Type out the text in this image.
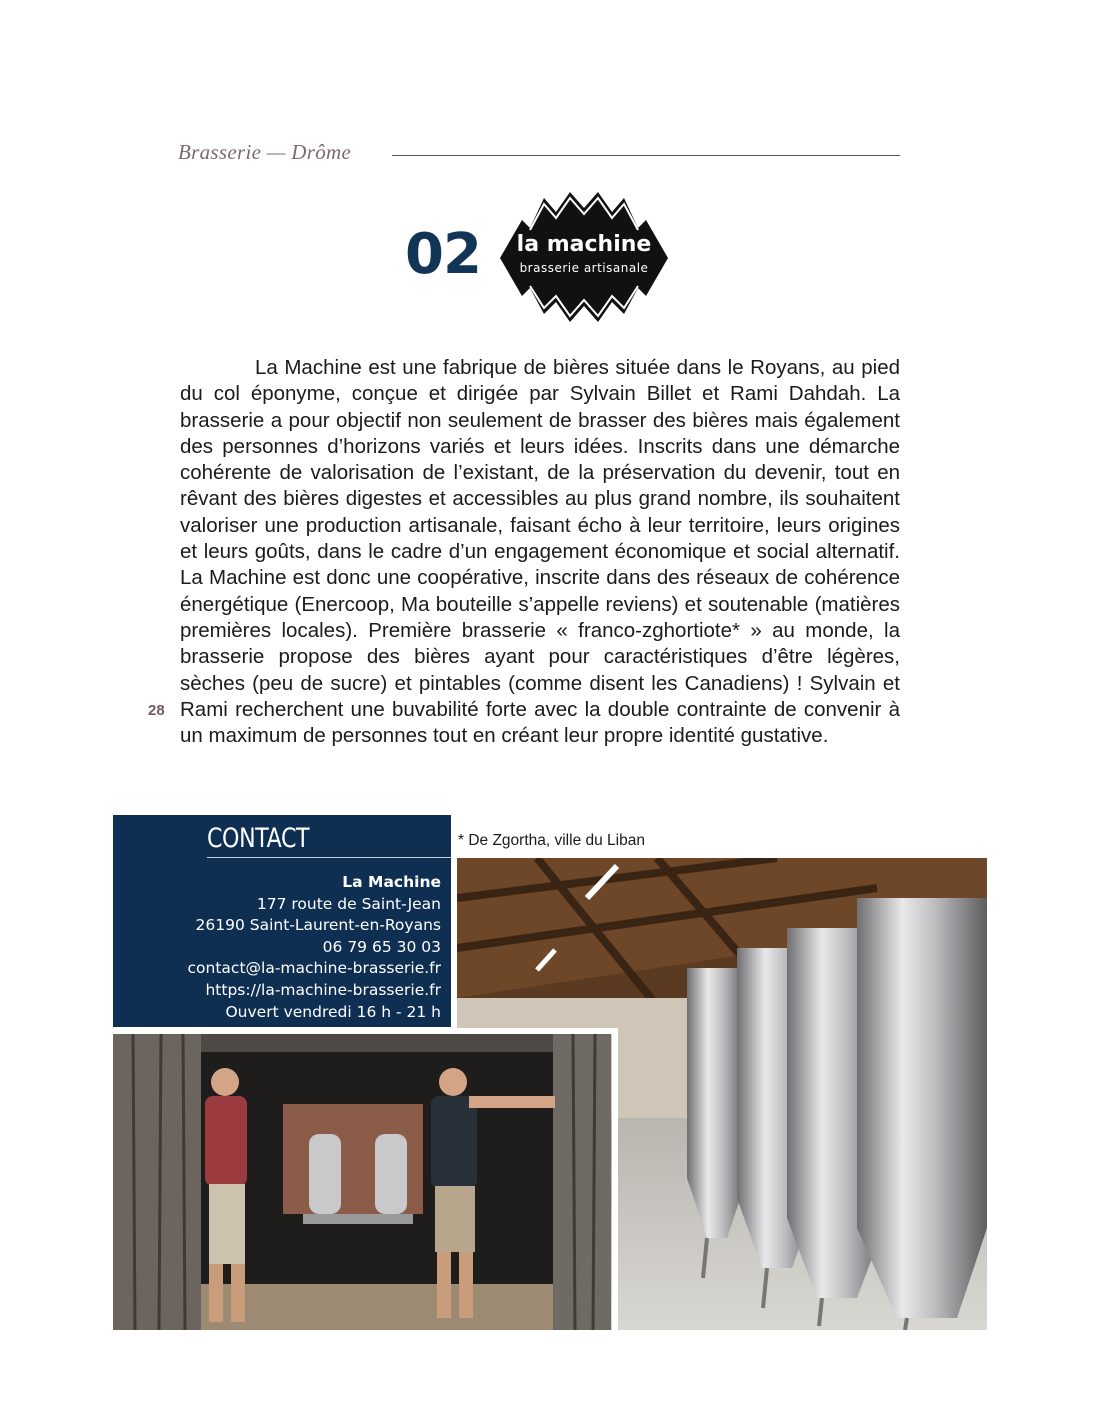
Brasserie — Drôme
02	la machine
brasserie artisanale

La Machine est une fabrique de bières située dans le Royans, au pied du col éponyme, conçue et dirigée par Sylvain Billet et Rami Dahdah. La brasserie a pour objectif non seulement de brasser des bières mais également des personnes d’horizons variés et leurs idées. Inscrits dans une démarche cohérente de valorisation de l’existant, de la préservation du devenir, tout en rêvant des bières digestes et accessibles au plus grand nombre, ils souhaitent valoriser une production artisanale, faisant écho à leur territoire, leurs origines et leurs goûts, dans le cadre d’un engagement économique et social alternatif. La Machine est donc une coopérative, inscrite dans des réseaux de cohérence énergétique (Enercoop, Ma bouteille s’appelle reviens) et soutenable (matières premières locales). Première brasserie « franco-zghortiote* » au monde, la brasserie propose des bières ayant pour caractéristiques d’être légères, sèches (peu de sucre) et pintables (comme disent les Canadiens) ! Sylvain et Rami recherchent une buvabilité forte avec la double contrainte de convenir à un maximum de personnes tout en créant leur propre identité gustative.

28
CONTACT
La Machine
177 route de Saint-Jean
26190 Saint-Laurent-en-Royans
06 79 65 30 03
contact@la-machine-brasserie.fr
https://la-machine-brasserie.fr
Ouvert vendredi 16 h - 21 h
* De Zgortha, ville du Liban
